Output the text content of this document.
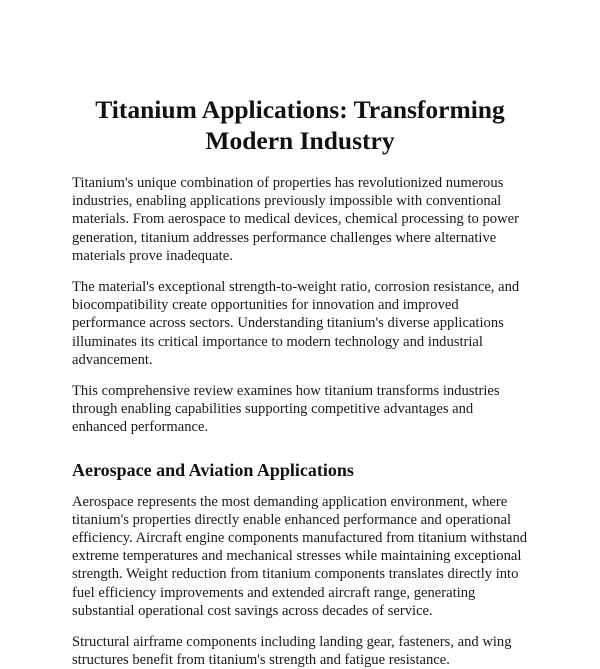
Titanium Applications: Transforming Modern Industry

Titanium's unique combination of properties has revolutionized numerous industries, enabling applications previously impossible with conventional materials. From aerospace to medical devices, chemical processing to power generation, titanium addresses performance challenges where alternative materials prove inadequate.

The material's exceptional strength-to-weight ratio, corrosion resistance, and biocompatibility create opportunities for innovation and improved performance across sectors. Understanding titanium's diverse applications illuminates its critical importance to modern technology and industrial advancement.

This comprehensive review examines how titanium transforms industries through enabling capabilities supporting competitive advantages and enhanced performance.

Aerospace and Aviation Applications

Aerospace represents the most demanding application environment, where titanium's properties directly enable enhanced performance and operational efficiency. Aircraft engine components manufactured from titanium withstand extreme temperatures and mechanical stresses while maintaining exceptional strength. Weight reduction from titanium components translates directly into fuel efficiency improvements and extended aircraft range, generating substantial operational cost savings across decades of service.

Structural airframe components including landing gear, fasteners, and wing structures benefit from titanium's strength and fatigue resistance.
